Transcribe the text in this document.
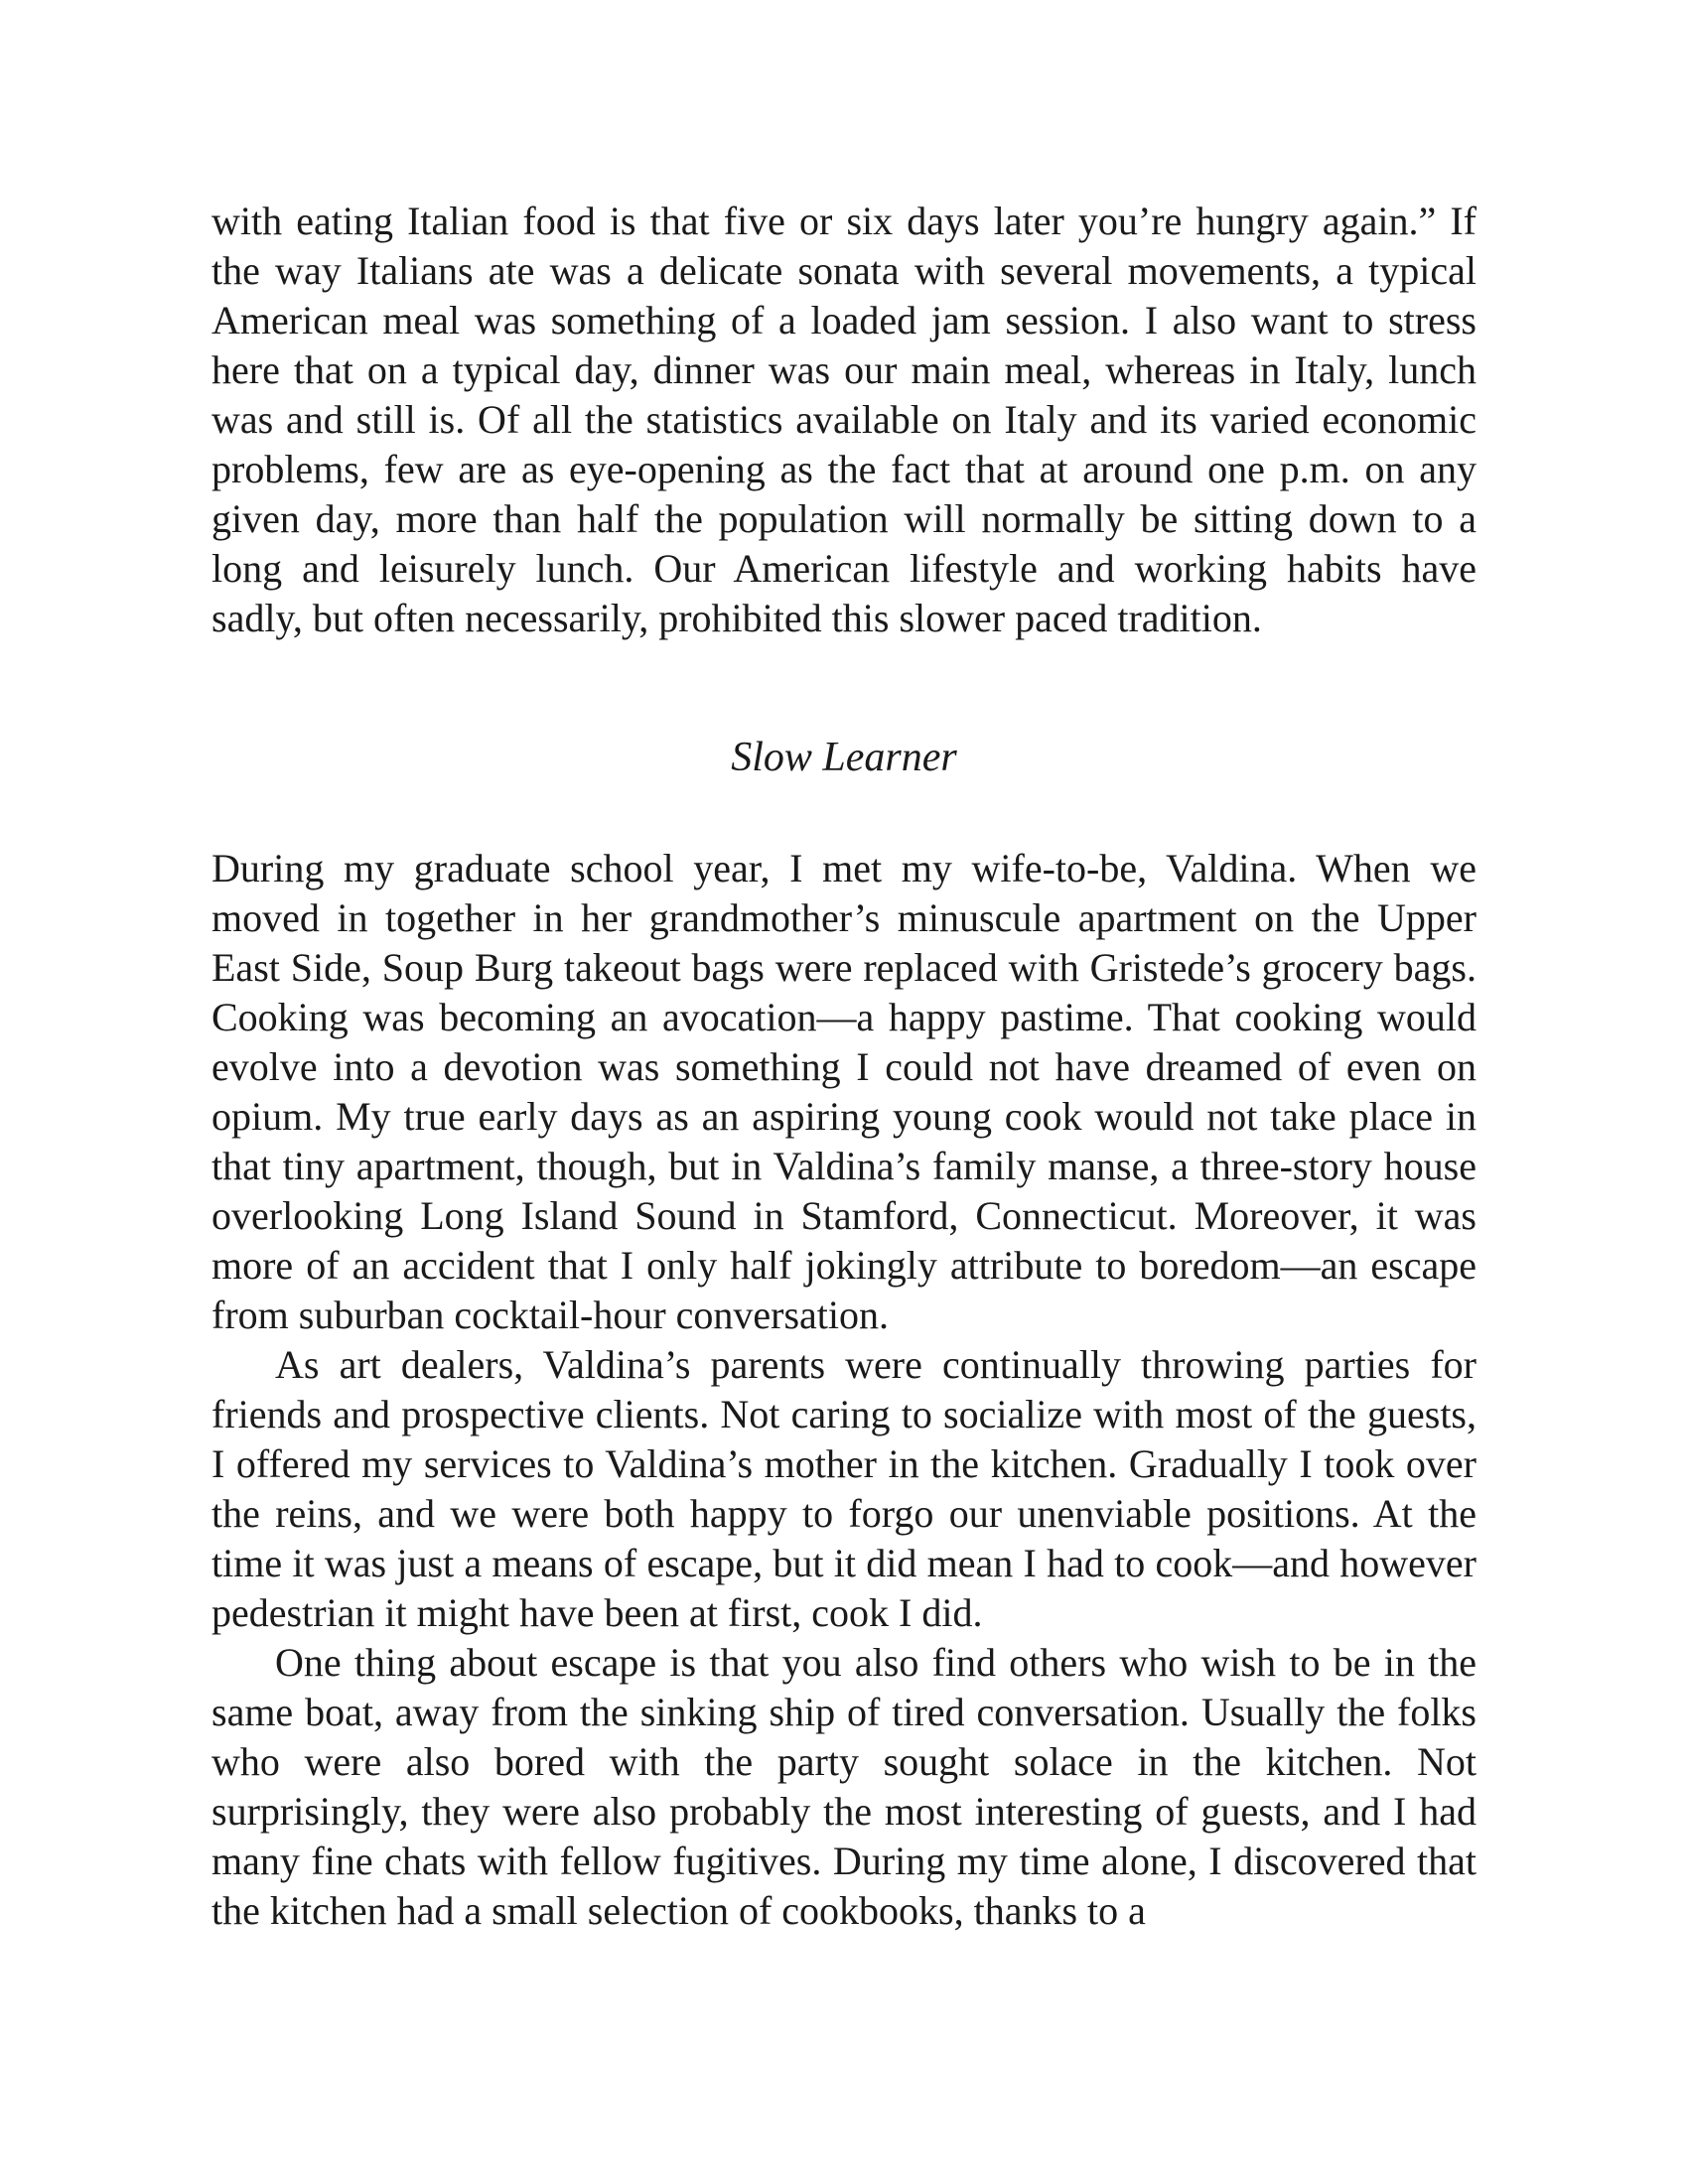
with eating Italian food is that five or six days later you’re hungry again.” If the way Italians ate was a delicate sonata with several movements, a typical American meal was something of a loaded jam session. I also want to stress here that on a typical day, dinner was our main meal, whereas in Italy, lunch was and still is. Of all the statistics available on Italy and its varied economic problems, few are as eye-opening as the fact that at around one p.m. on any given day, more than half the population will normally be sitting down to a long and leisurely lunch. Our American lifestyle and working habits have sadly, but often necessarily, prohibited this slower paced tradition.

Slow Learner

During my graduate school year, I met my wife-to-be, Valdina. When we moved in together in her grandmother’s minuscule apartment on the Upper East Side, Soup Burg takeout bags were replaced with Gristede’s grocery bags. Cooking was becoming an avocation—a happy pastime. That cooking would evolve into a devotion was something I could not have dreamed of even on opium. My true early days as an aspiring young cook would not take place in that tiny apartment, though, but in Valdina’s family manse, a three-story house overlooking Long Island Sound in Stamford, Connecticut. Moreover, it was more of an accident that I only half jokingly attribute to boredom—an escape from suburban cocktail-hour conversation.

As art dealers, Valdina’s parents were continually throwing parties for friends and prospective clients. Not caring to socialize with most of the guests, I offered my services to Valdina’s mother in the kitchen. Gradually I took over the reins, and we were both happy to forgo our unenviable positions. At the time it was just a means of escape, but it did mean I had to cook—and however pedestrian it might have been at first, cook I did.

One thing about escape is that you also find others who wish to be in the same boat, away from the sinking ship of tired conversation. Usually the folks who were also bored with the party sought solace in the kitchen. Not surprisingly, they were also probably the most interesting of guests, and I had many fine chats with fellow fugitives. During my time alone, I discovered that the kitchen had a small selection of cookbooks, thanks to a
